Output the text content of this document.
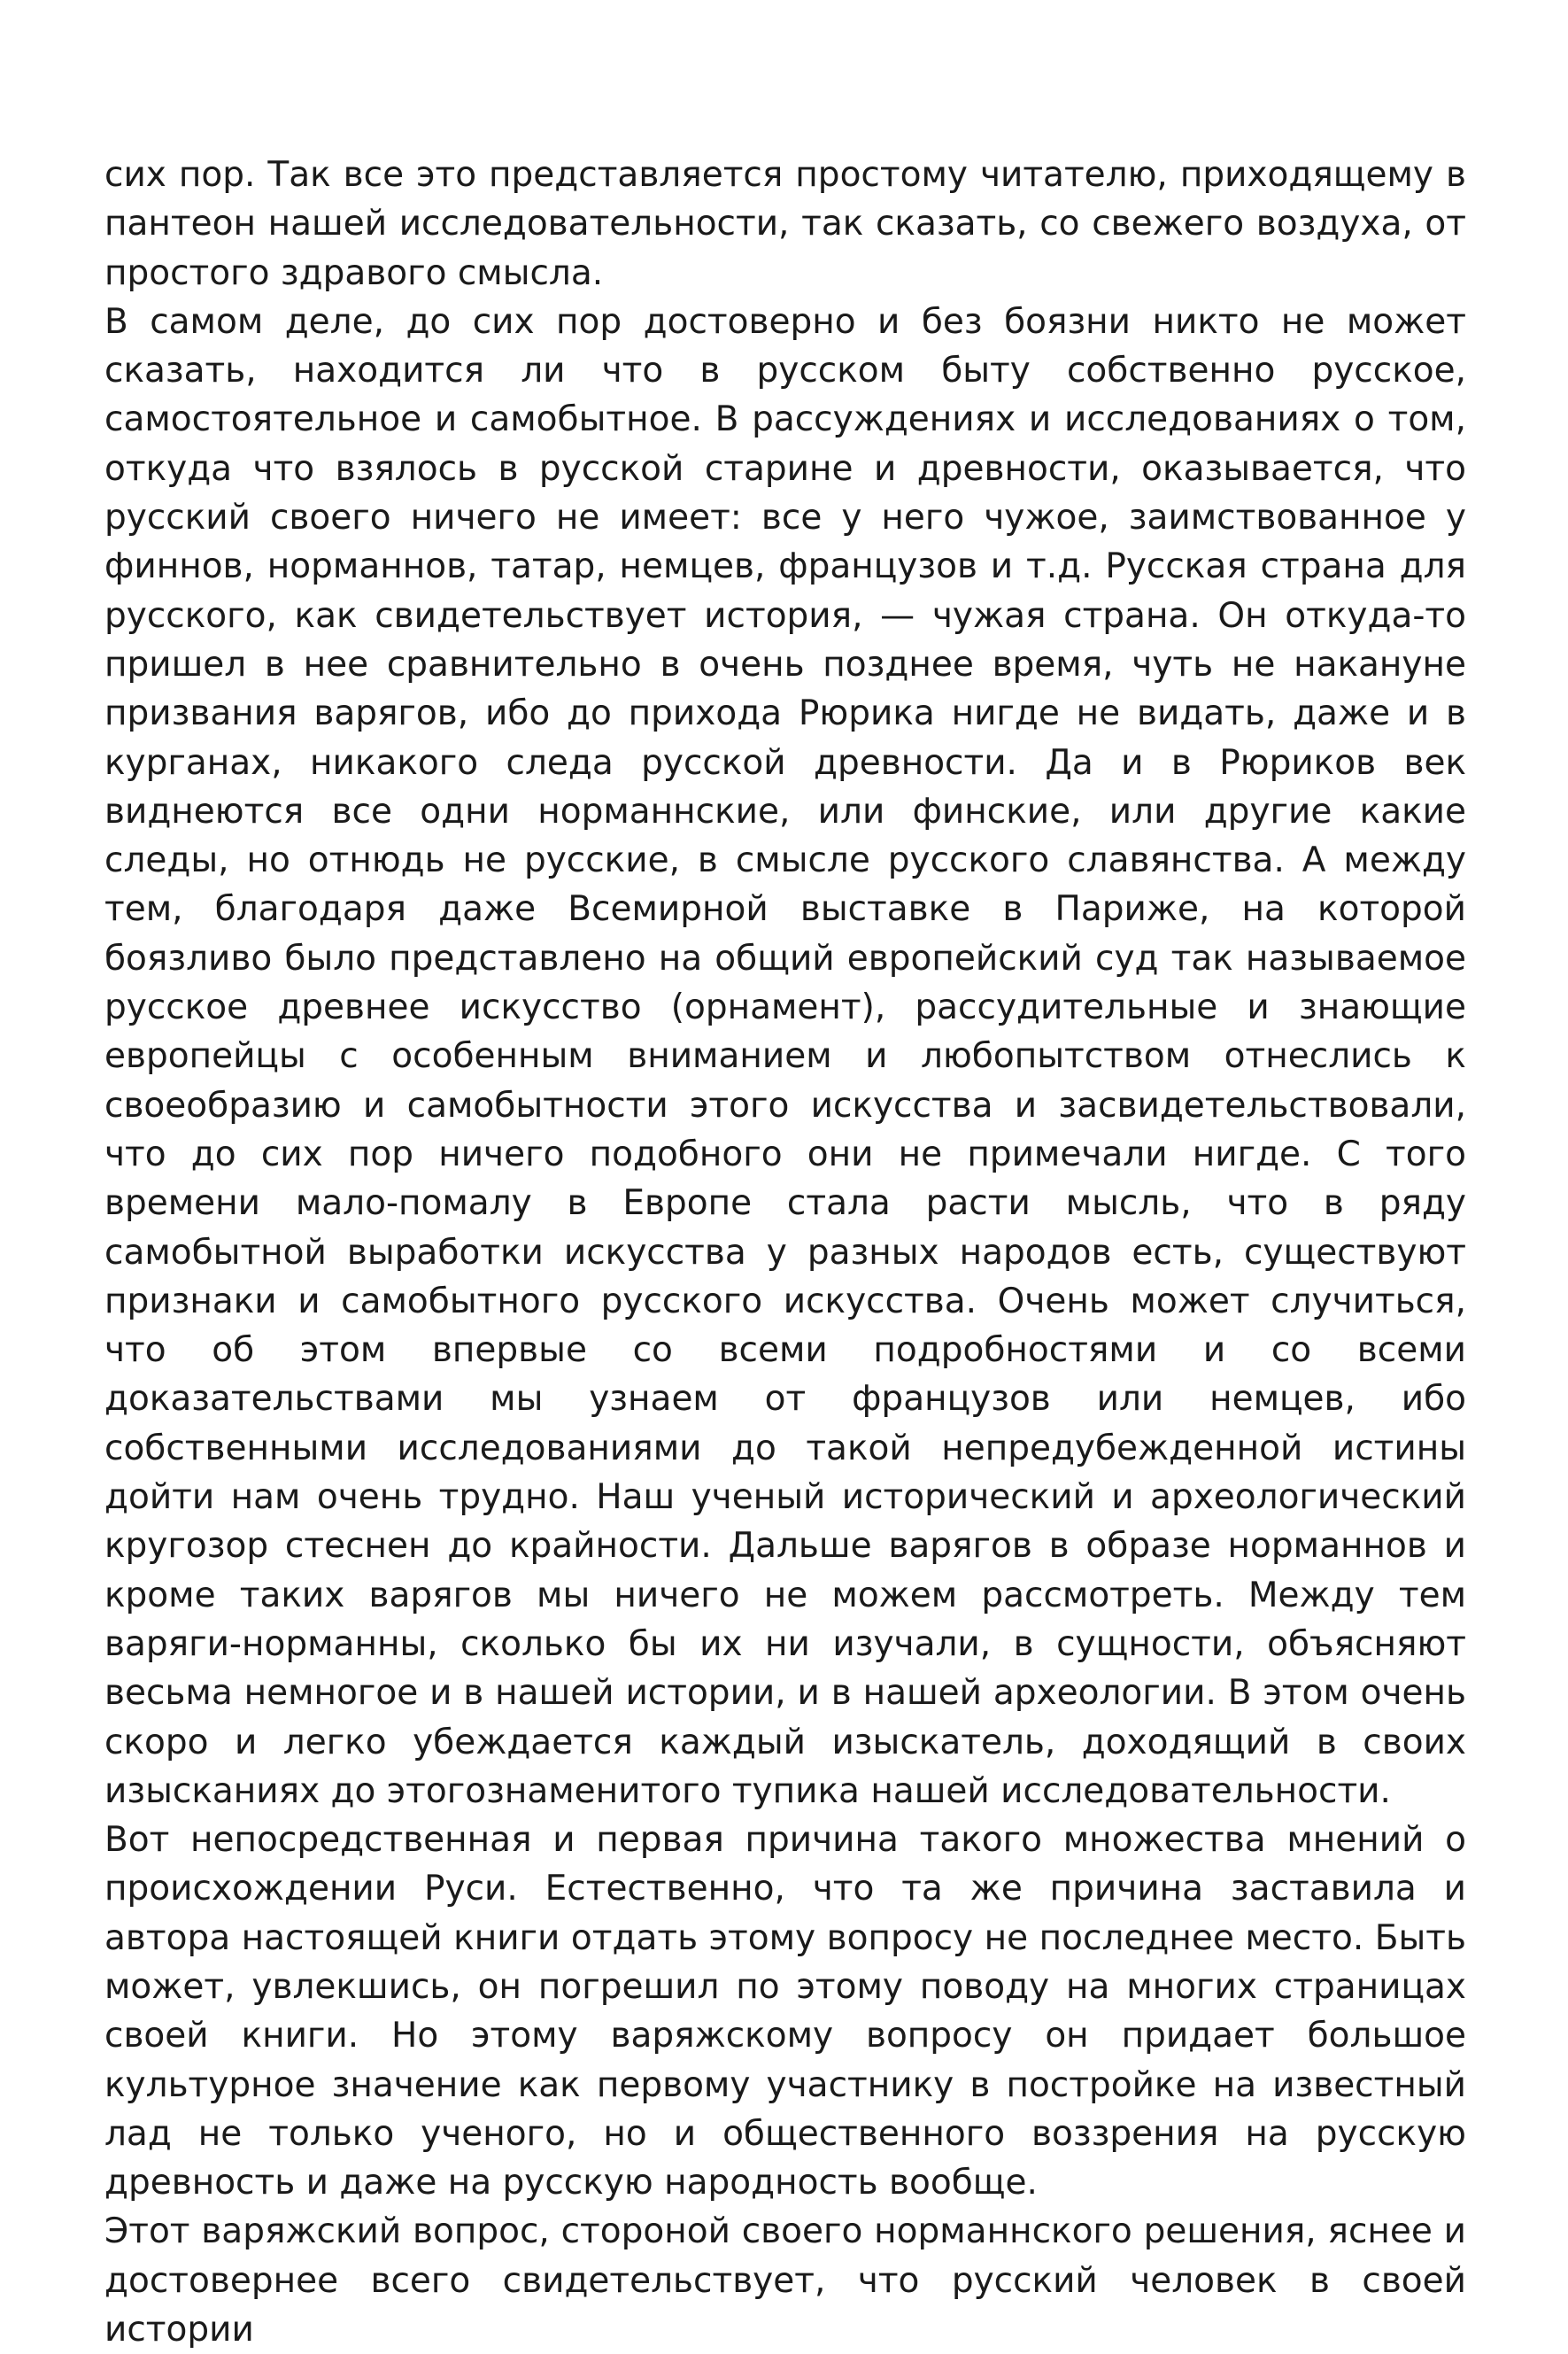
сих пор. Так все это представляется простому читателю, приходящему в пантеон нашей исследовательности, так сказать, со свежего воздуха, от простого здравого смысла.

В самом деле, до сих пор достоверно и без боязни никто не может сказать, находится ли что в русском быту собственно русское, самостоятельное и самобытное. В рассуждениях и исследованиях о том, откуда что взялось в русской старине и древности, оказывается, что русский своего ничего не имеет: все у него чужое, заимствованное у финнов, норманнов, татар, немцев, французов и т.д. Русская страна для русского, как свидетельствует история, — чужая страна. Он откуда-то пришел в нее сравнительно в очень позднее время, чуть не накануне призвания варягов, ибо до прихода Рюрика нигде не видать, даже и в курганах, никакого следа русской древности. Да и в Рюриков век виднеются все одни норманнские, или финские, или другие какие следы, но отнюдь не русские, в смысле русского славянства. А между тем, благодаря даже Всемирной выставке в Париже, на которой боязливо было представлено на общий европейский суд так называемое русское древнее искусство (орнамент), рассудительные и знающие европейцы с особенным вниманием и любопытством отнеслись к своеобразию и самобытности этого искусства и засвидетельствовали, что до сих пор ничего подобного они не примечали нигде. С того времени мало-помалу в Европе стала расти мысль, что в ряду самобытной выработки искусства у разных народов есть, существуют признаки и самобытного русского искусства. Очень может случиться, что об этом впервые со всеми подробностями и со всеми доказательствами мы узнаем от французов или немцев, ибо собственными исследованиями до такой непредубежденной истины дойти нам очень трудно. Наш ученый исторический и археологический кругозор стеснен до крайности. Дальше варягов в образе норманнов и кроме таких варягов мы ничего не можем рассмотреть. Между тем варяги-норманны, сколько бы их ни изучали, в сущности, объясняют весьма немногое и в нашей истории, и в нашей археологии. В этом очень скоро и легко убеждается каждый изыскатель, доходящий в своих изысканиях до этогознаменитого тупика нашей исследовательности.

Вот непосредственная и первая причина такого множества мнений о происхождении Руси. Естественно, что та же причина заставила и автора настоящей книги отдать этому вопросу не последнее место. Быть может, увлекшись, он погрешил по этому поводу на многих страницах своей книги. Но этому варяжскому вопросу он придает большое культурное значение как первому участнику в постройке на известный лад не только ученого, но и общественного воззрения на русскую древность и даже на русскую народность вообще.

Этот варяжский вопрос, стороной своего норманнского решения, яснее и достовернее всего свидетельствует, что русский человек в своей истории
